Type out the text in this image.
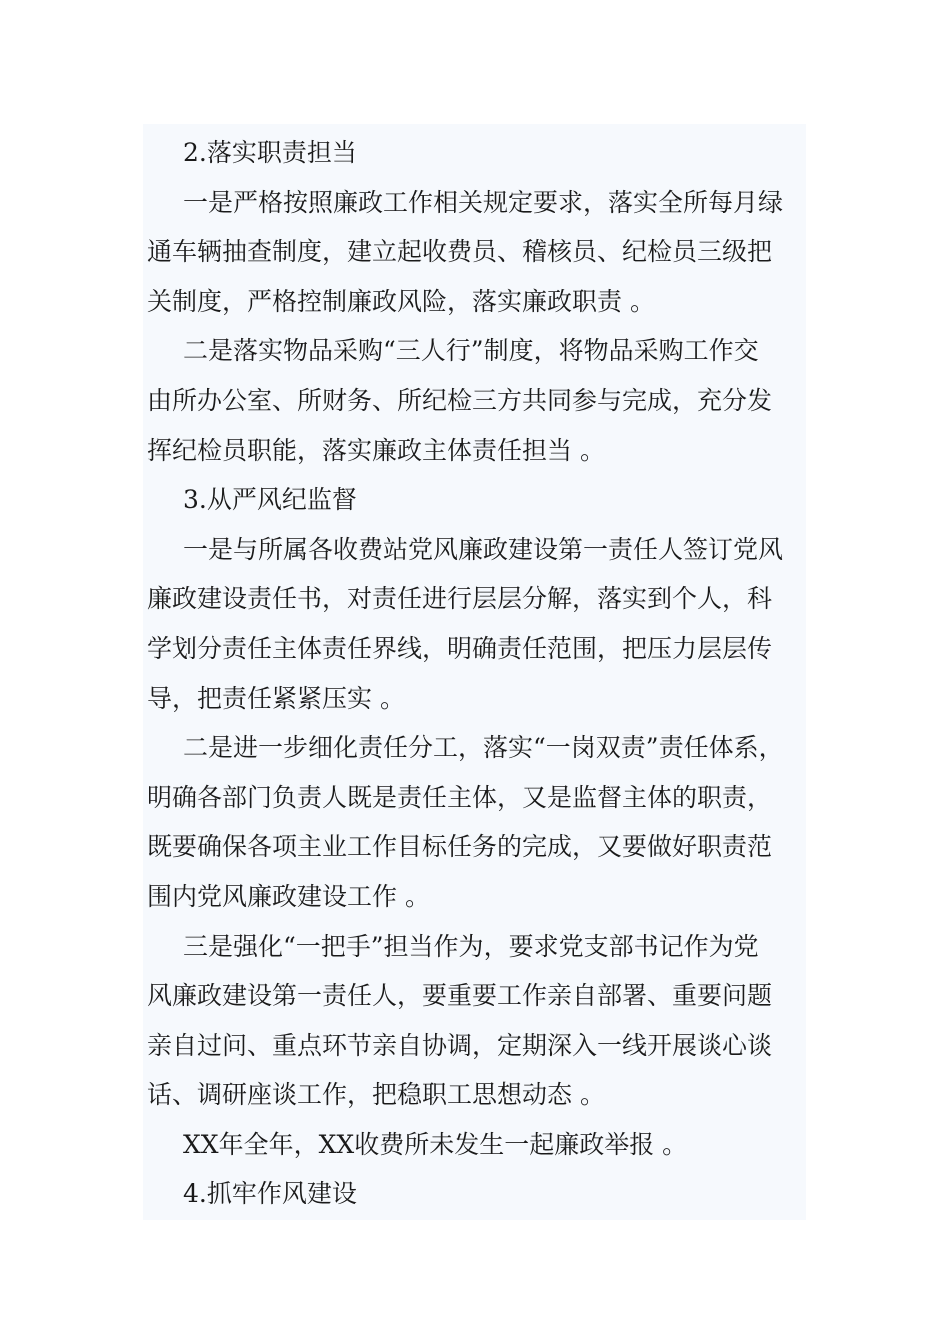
2.落实职责担当
一是严格按照廉政工作相关规定要求，落实全所每月绿
通车辆抽查制度，建立起收费员、稽核员、纪检员三级把
关制度，严格控制廉政风险，落实廉政职责 。
二是落实物品采购“三人行”制度，将物品采购工作交
由所办公室、所财务、所纪检三方共同参与完成，充分发
挥纪检员职能，落实廉政主体责任担当 。
3.从严风纪监督
一是与所属各收费站党风廉政建设第一责任人签订党风
廉政建设责任书，对责任进行层层分解，落实到个人，科
学划分责任主体责任界线，明确责任范围，把压力层层传
导，把责任紧紧压实 。
二是进一步细化责任分工，落实“一岗双责”责任体系，
明确各部门负责人既是责任主体，又是监督主体的职责，
既要确保各项主业工作目标任务的完成，又要做好职责范
围内党风廉政建设工作 。
三是强化“一把手”担当作为，要求党支部书记作为党
风廉政建设第一责任人，要重要工作亲自部署、重要问题
亲自过问、重点环节亲自协调，定期深入一线开展谈心谈
话、调研座谈工作，把稳职工思想动态 。
XX年全年，XX收费所未发生一起廉政举报 。
4.抓牢作风建设
